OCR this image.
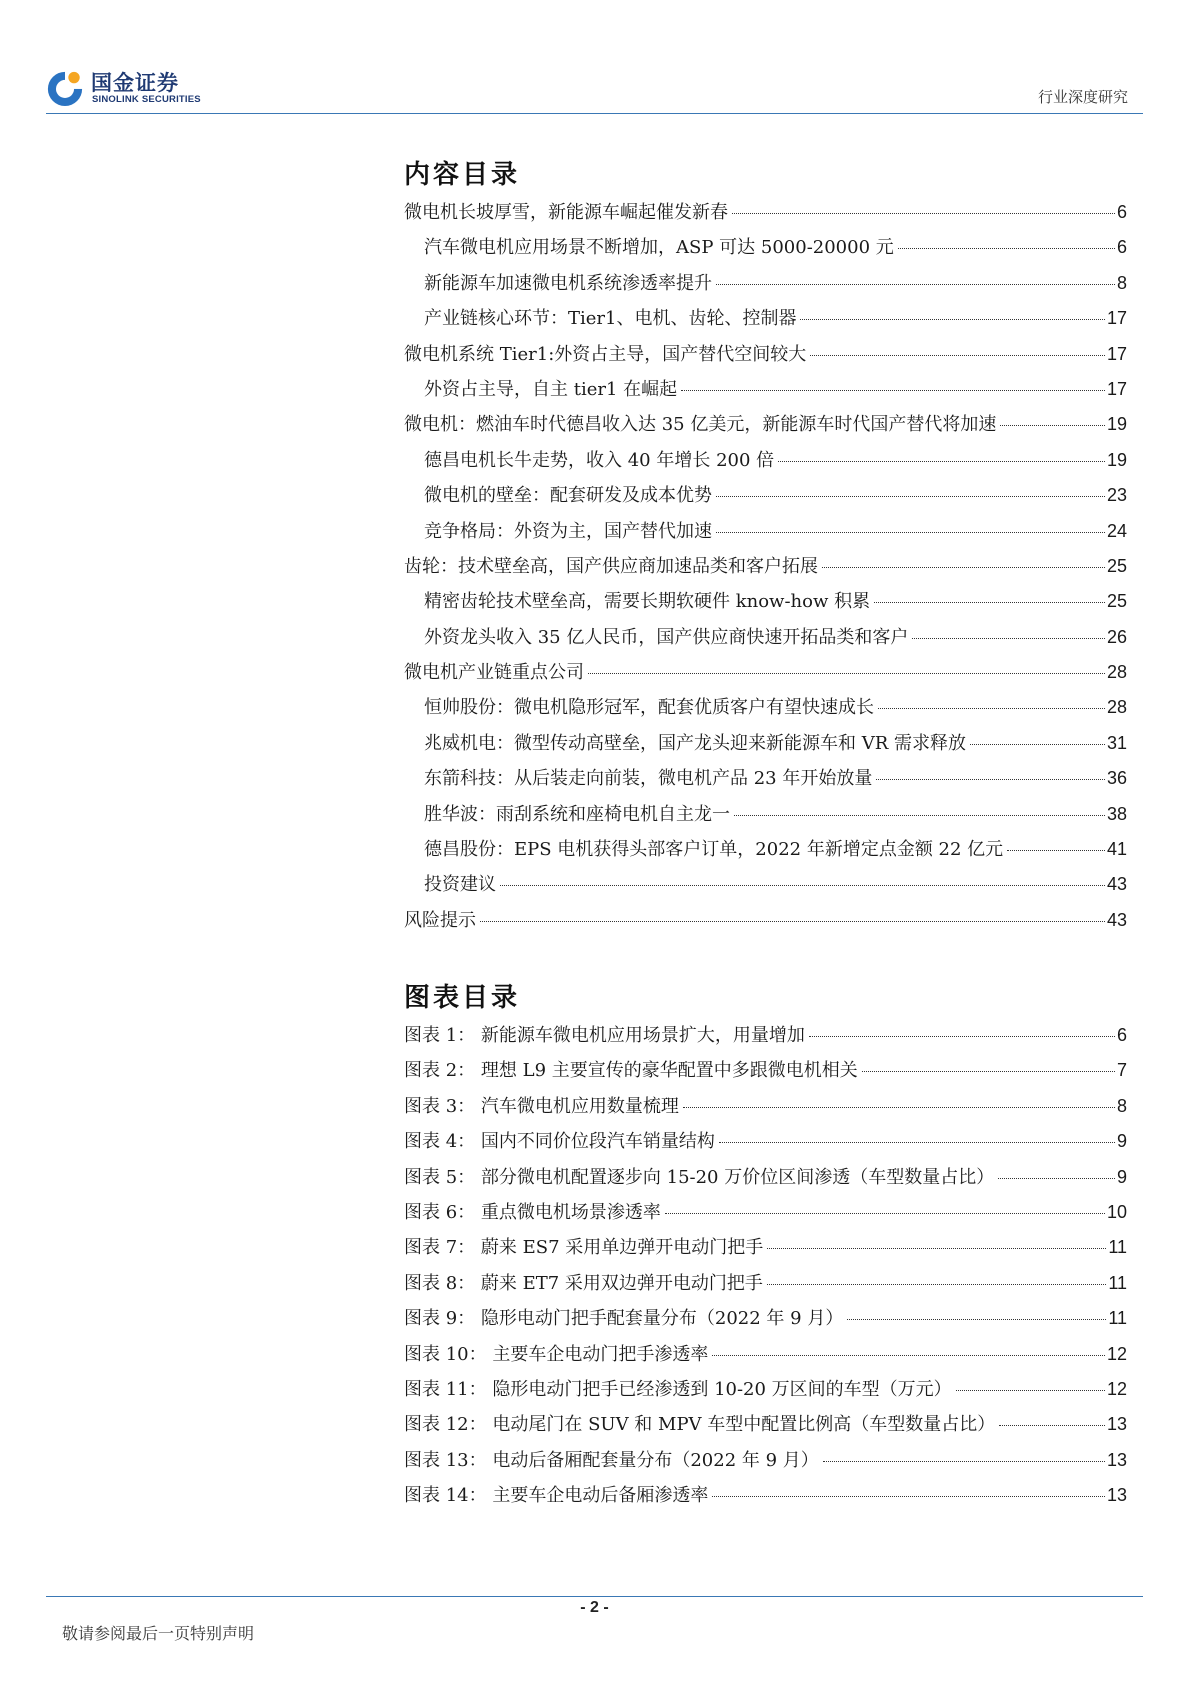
国金证券
SINOLINK SECURITIES	行业深度研究
内容目录
微电机长坡厚雪，新能源车崛起催发新春	6
汽车微电机应用场景不断增加，ASP 可达 5000-20000 元	6
新能源车加速微电机系统渗透率提升	8
产业链核心环节：Tier1、电机、齿轮、控制器	17
微电机系统 Tier1:外资占主导，国产替代空间较大	17
外资占主导，自主 tier1 在崛起	17
微电机：燃油车时代德昌收入达 35 亿美元，新能源车时代国产替代将加速	19
德昌电机长牛走势，收入 40 年增长 200 倍	19
微电机的壁垒：配套研发及成本优势	23
竞争格局：外资为主，国产替代加速	24
齿轮：技术壁垒高，国产供应商加速品类和客户拓展	25
精密齿轮技术壁垒高，需要长期软硬件 know-how 积累	25
外资龙头收入 35 亿人民币，国产供应商快速开拓品类和客户	26
微电机产业链重点公司	28
恒帅股份：微电机隐形冠军，配套优质客户有望快速成长	28
兆威机电：微型传动高壁垒，国产龙头迎来新能源车和 VR 需求释放	31
东箭科技：从后装走向前装，微电机产品 23 年开始放量	36
胜华波：雨刮系统和座椅电机自主龙一	38
德昌股份：EPS 电机获得头部客户订单，2022 年新增定点金额 22 亿元	41
投资建议	43
风险提示	43
图表目录
图表 1： 新能源车微电机应用场景扩大，用量增加	6
图表 2： 理想 L9 主要宣传的豪华配置中多跟微电机相关	7
图表 3： 汽车微电机应用数量梳理	8
图表 4： 国内不同价位段汽车销量结构	9
图表 5： 部分微电机配置逐步向 15-20 万价位区间渗透（车型数量占比）	9
图表 6： 重点微电机场景渗透率	10
图表 7： 蔚来 ES7 采用单边弹开电动门把手	11
图表 8： 蔚来 ET7 采用双边弹开电动门把手	11
图表 9： 隐形电动门把手配套量分布（2022 年 9 月）	11
图表 10： 主要车企电动门把手渗透率	12
图表 11： 隐形电动门把手已经渗透到 10-20 万区间的车型（万元）	12
图表 12： 电动尾门在 SUV 和 MPV 车型中配置比例高（车型数量占比）	13
图表 13： 电动后备厢配套量分布（2022 年 9 月）	13
图表 14： 主要车企电动后备厢渗透率	13
- 2 -
敬请参阅最后一页特别声明
